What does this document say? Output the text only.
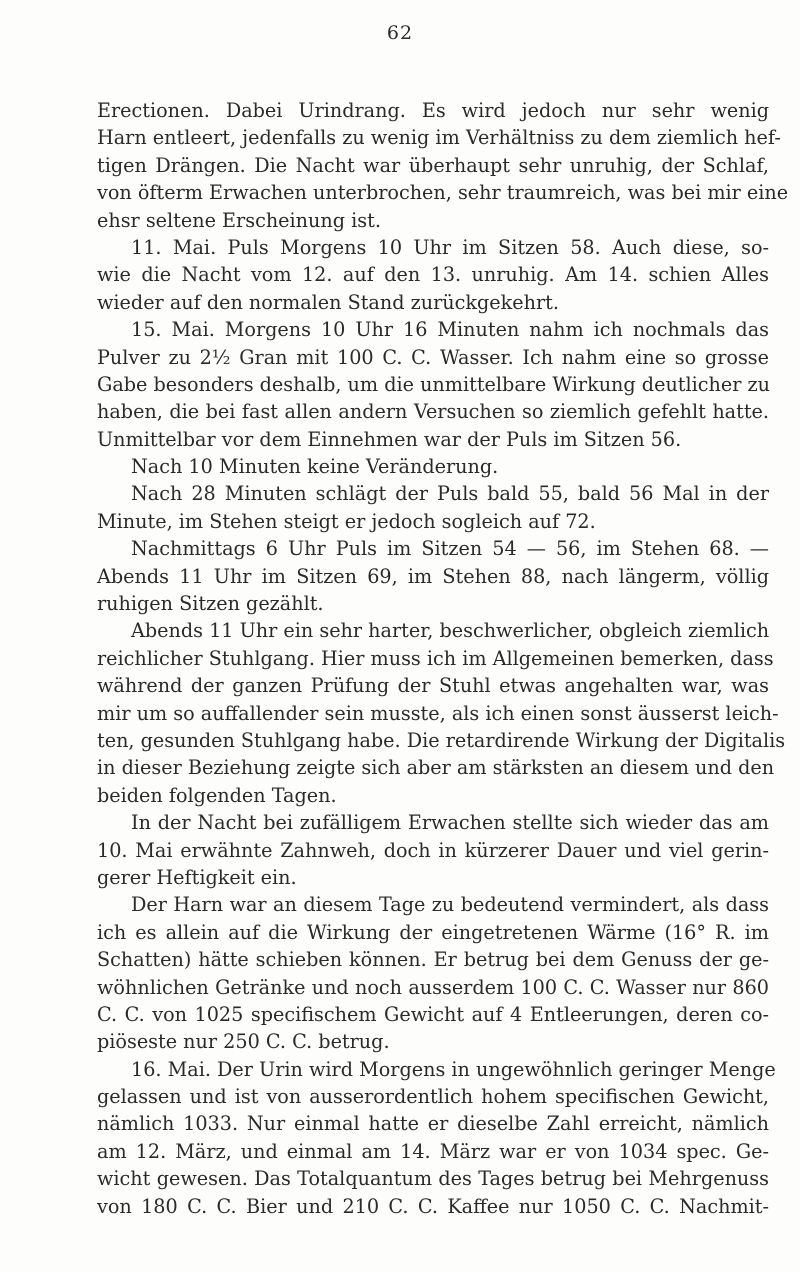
62
Erectionen. Dabei Urindrang. Es wird jedoch nur sehr wenig
Harn entleert, jedenfalls zu wenig im Verhältniss zu dem ziemlich hef-
tigen Drängen. Die Nacht war überhaupt sehr unruhig, der Schlaf,
von öfterm Erwachen unterbrochen, sehr traumreich, was bei mir eine
ehsr seltene Erscheinung ist.
11. Mai. Puls Morgens 10 Uhr im Sitzen 58. Auch diese, so-
wie die Nacht vom 12. auf den 13. unruhig. Am 14. schien Alles
wieder auf den normalen Stand zurückgekehrt.
15. Mai. Morgens 10 Uhr 16 Minuten nahm ich nochmals das
Pulver zu 2½ Gran mit 100 C. C. Wasser. Ich nahm eine so grosse
Gabe besonders deshalb, um die unmittelbare Wirkung deutlicher zu
haben, die bei fast allen andern Versuchen so ziemlich gefehlt hatte.
Unmittelbar vor dem Einnehmen war der Puls im Sitzen 56.
Nach 10 Minuten keine Veränderung.
Nach 28 Minuten schlägt der Puls bald 55, bald 56 Mal in der
Minute, im Stehen steigt er jedoch sogleich auf 72.
Nachmittags 6 Uhr Puls im Sitzen 54 — 56, im Stehen 68. —
Abends 11 Uhr im Sitzen 69, im Stehen 88, nach längerm, völlig
ruhigen Sitzen gezählt.
Abends 11 Uhr ein sehr harter, beschwerlicher, obgleich ziemlich
reichlicher Stuhlgang. Hier muss ich im Allgemeinen bemerken, dass
während der ganzen Prüfung der Stuhl etwas angehalten war, was
mir um so auffallender sein musste, als ich einen sonst äusserst leich-
ten, gesunden Stuhlgang habe. Die retardirende Wirkung der Digitalis
in dieser Beziehung zeigte sich aber am stärksten an diesem und den
beiden folgenden Tagen.
In der Nacht bei zufälligem Erwachen stellte sich wieder das am
10. Mai erwähnte Zahnweh, doch in kürzerer Dauer und viel gerin-
gerer Heftigkeit ein.
Der Harn war an diesem Tage zu bedeutend vermindert, als dass
ich es allein auf die Wirkung der eingetretenen Wärme (16° R. im
Schatten) hätte schieben können. Er betrug bei dem Genuss der ge-
wöhnlichen Getränke und noch ausserdem 100 C. C. Wasser nur 860
C. C. von 1025 specifischem Gewicht auf 4 Entleerungen, deren co-
piöseste nur 250 C. C. betrug.
16. Mai. Der Urin wird Morgens in ungewöhnlich geringer Menge
gelassen und ist von ausserordentlich hohem specifischen Gewicht,
nämlich 1033. Nur einmal hatte er dieselbe Zahl erreicht, nämlich
am 12. März, und einmal am 14. März war er von 1034 spec. Ge-
wicht gewesen. Das Totalquantum des Tages betrug bei Mehrgenuss
von 180 C. C. Bier und 210 C. C. Kaffee nur 1050 C. C. Nachmit-
